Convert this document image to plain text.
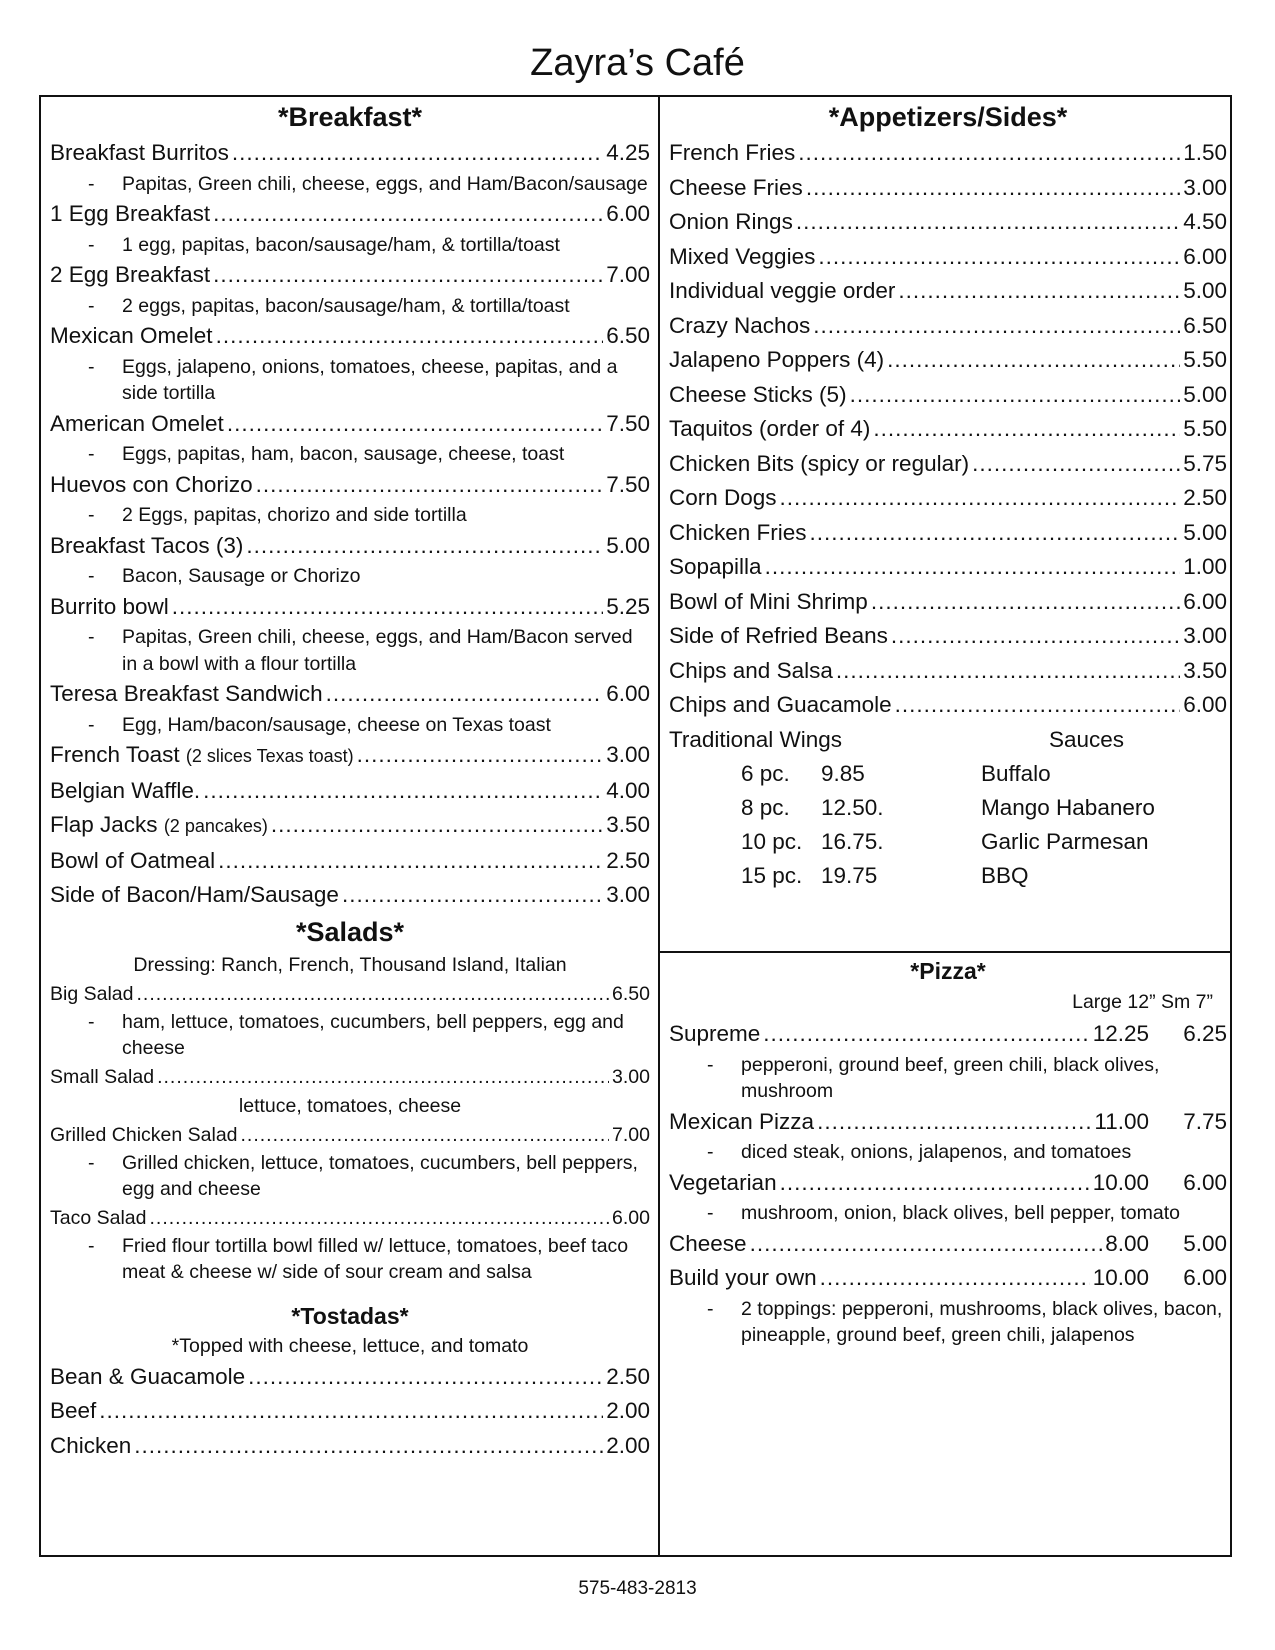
Zayra’s Café
*Breakfast*
Breakfast Burritos .....	4.25
-	Papitas, Green chili, cheese, eggs, and Ham/Bacon/sausage
1 Egg Breakfast .....	6.00
-	1 egg, papitas, bacon/sausage/ham, & tortilla/toast
2 Egg Breakfast .....	7.00
-	2 eggs, papitas, bacon/sausage/ham, & tortilla/toast
Mexican Omelet .....	6.50
-	Eggs, jalapeno, onions, tomatoes, cheese, papitas, and a side tortilla
American Omelet .....	7.50
-	Eggs, papitas, ham, bacon, sausage, cheese, toast
Huevos con Chorizo .....	7.50
-	2 Eggs, papitas, chorizo and side tortilla
Breakfast Tacos (3) .....	5.00
-	Bacon, Sausage or Chorizo
Burrito bowl .....	5.25
-	Papitas, Green chili, cheese, eggs, and Ham/Bacon served in a bowl with a flour tortilla
Teresa Breakfast Sandwich .....	6.00
-	Egg, Ham/bacon/sausage, cheese on Texas toast
French Toast (2 slices Texas toast) .....	3.00
Belgian Waffle. .....	4.00
Flap Jacks (2 pancakes) .....	3.50
Bowl of Oatmeal .....	2.50
Side of Bacon/Ham/Sausage .....	3.00
*Salads*
Dressing: Ranch, French, Thousand Island, Italian
Big Salad .....	6.50
-	ham, lettuce, tomatoes, cucumbers, bell peppers, egg and cheese
Small Salad .....	3.00
lettuce, tomatoes, cheese
Grilled Chicken Salad .....	7.00
-	Grilled chicken, lettuce, tomatoes, cucumbers, bell peppers, egg and cheese
Taco Salad .....	6.00
-	Fried flour tortilla bowl filled w/ lettuce, tomatoes, beef taco meat & cheese w/ side of sour cream and salsa
*Tostadas*
*Topped with cheese, lettuce, and tomato
Bean & Guacamole .....	2.50
Beef .....	2.00
Chicken .....	2.00
*Appetizers/Sides*
French Fries .....	1.50
Cheese Fries .....	3.00
Onion Rings .....	4.50
Mixed Veggies .....	6.00
Individual veggie order .....	5.00
Crazy Nachos .....	6.50
Jalapeno Poppers (4) .....	5.50
Cheese Sticks (5) .....	5.00
Taquitos (order of 4) .....	5.50
Chicken Bits (spicy or regular) .....	5.75
Corn Dogs .....	2.50
Chicken Fries .....	5.00
Sopapilla .....	1.00
Bowl of Mini Shrimp .....	6.00
Side of Refried Beans .....	3.00
Chips and Salsa .....	3.50
Chips and Guacamole .....	6.00
Traditional Wings	Sauces
6 pc.	9.85	Buffalo
8 pc.	12.50.	Mango Habanero
10 pc. 16.75.	Garlic Parmesan
15 pc. 19.75	BBQ
*Pizza*
Large 12” Sm 7”
Supreme .....	12.25	6.25
-	pepperoni, ground beef, green chili, black olives, mushroom
Mexican Pizza .....	11.00	7.75
-	diced steak, onions, jalapenos, and tomatoes
Vegetarian .....	10.00	6.00
-	mushroom, onion, black olives, bell pepper, tomato
Cheese .....	8.00	5.00
Build your own .....	10.00	6.00
-	2 toppings: pepperoni, mushrooms, black olives, bacon, pineapple, ground beef, green chili, jalapenos
575-483-2813
